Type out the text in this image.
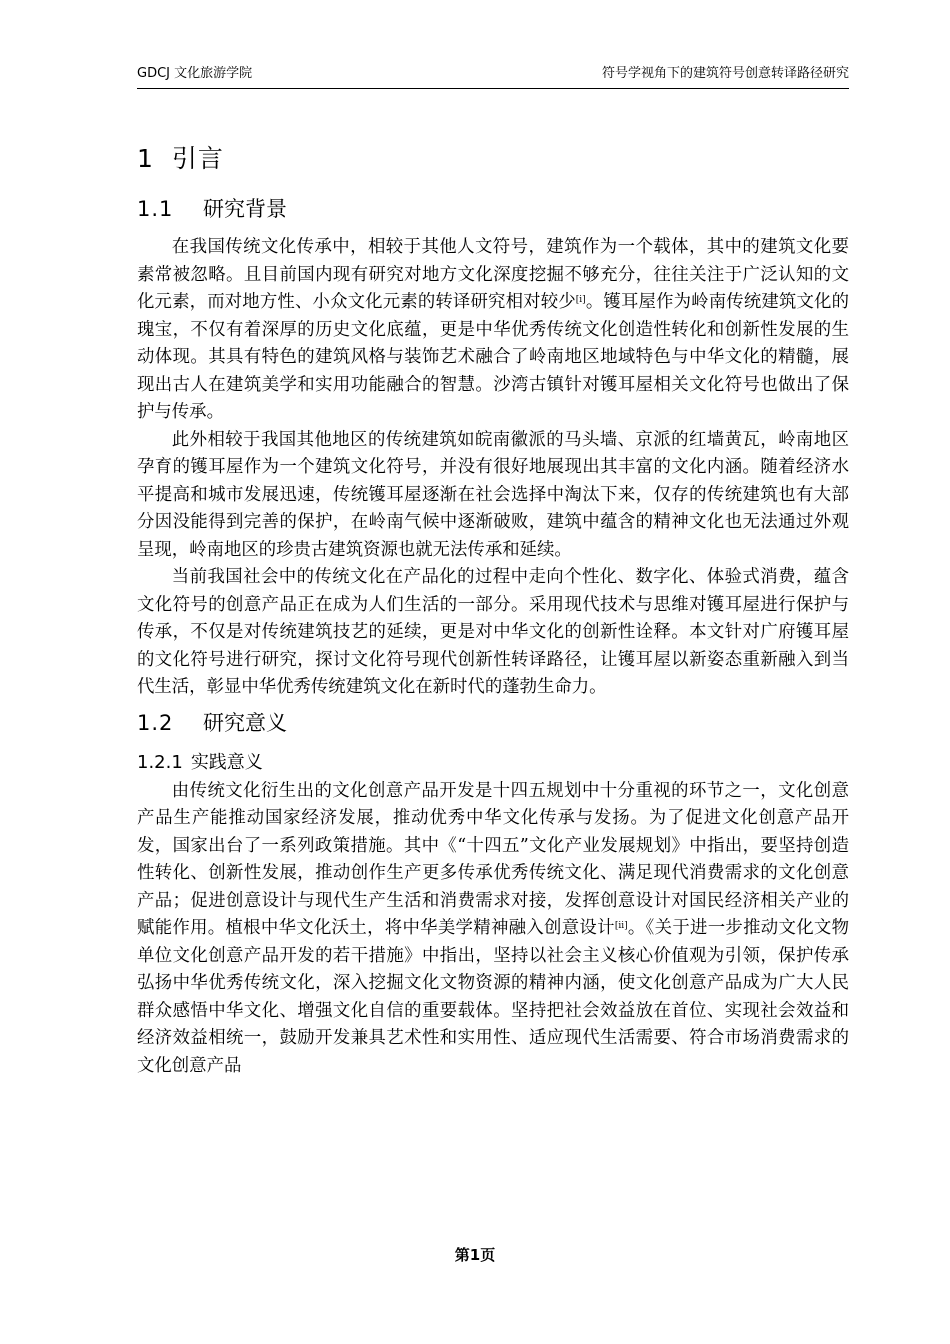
GDCJ 文化旅游学院	符号学视角下的建筑符号创意转译路径研究
1 引言
1.1 研究背景

在我国传统文化传承中，相较于其他人文符号，建筑作为一个载体，其中的建筑文化要素常被忽略。且目前国内现有研究对地方文化深度挖掘不够充分，往往关注于广泛认知的文化元素，而对地方性、小众文化元素的转译研究相对较少[i]。镬耳屋作为岭南传统建筑文化的瑰宝，不仅有着深厚的历史文化底蕴，更是中华优秀传统文化创造性转化和创新性发展的生动体现。其具有特色的建筑风格与装饰艺术融合了岭南地区地域特色与中华文化的精髓，展现出古人在建筑美学和实用功能融合的智慧。沙湾古镇针对镬耳屋相关文化符号也做出了保护与传承。

此外相较于我国其他地区的传统建筑如皖南徽派的马头墙、京派的红墙黄瓦，岭南地区孕育的镬耳屋作为一个建筑文化符号，并没有很好地展现出其丰富的文化内涵。随着经济水平提高和城市发展迅速，传统镬耳屋逐渐在社会选择中淘汰下来，仅存的传统建筑也有大部分因没能得到完善的保护，在岭南气候中逐渐破败，建筑中蕴含的精神文化也无法通过外观呈现，岭南地区的珍贵古建筑资源也就无法传承和延续。

当前我国社会中的传统文化在产品化的过程中走向个性化、数字化、体验式消费，蕴含文化符号的创意产品正在成为人们生活的一部分。采用现代技术与思维对镬耳屋进行保护与传承，不仅是对传统建筑技艺的延续，更是对中华文化的创新性诠释。本文针对广府镬耳屋的文化符号进行研究，探讨文化符号现代创新性转译路径，让镬耳屋以新姿态重新融入到当代生活，彰显中华优秀传统建筑文化在新时代的蓬勃生命力。

1.2 研究意义
1.2.1 实践意义

由传统文化衍生出的文化创意产品开发是十四五规划中十分重视的环节之一，文化创意产品生产能推动国家经济发展，推动优秀中华文化传承与发扬。为了促进文化创意产品开发，国家出台了一系列政策措施。其中《“十四五”文化产业发展规划》中指出，要坚持创造性转化、创新性发展，推动创作生产更多传承优秀传统文化、满足现代消费需求的文化创意产品；促进创意设计与现代生产生活和消费需求对接，发挥创意设计对国民经济相关产业的赋能作用。植根中华文化沃土，将中华美学精神融入创意设计[ii]。《关于进一步推动文化文物单位文化创意产品开发的若干措施》中指出，坚持以社会主义核心价值观为引领，保护传承弘扬中华优秀传统文化，深入挖掘文化文物资源的精神内涵，使文化创意产品成为广大人民群众感悟中华文化、增强文化自信的重要载体。坚持把社会效益放在首位、实现社会效益和经济效益相统一，鼓励开发兼具艺术性和实用性、适应现代生活需要、符合市场消费需求的文化创意产品

第1页
